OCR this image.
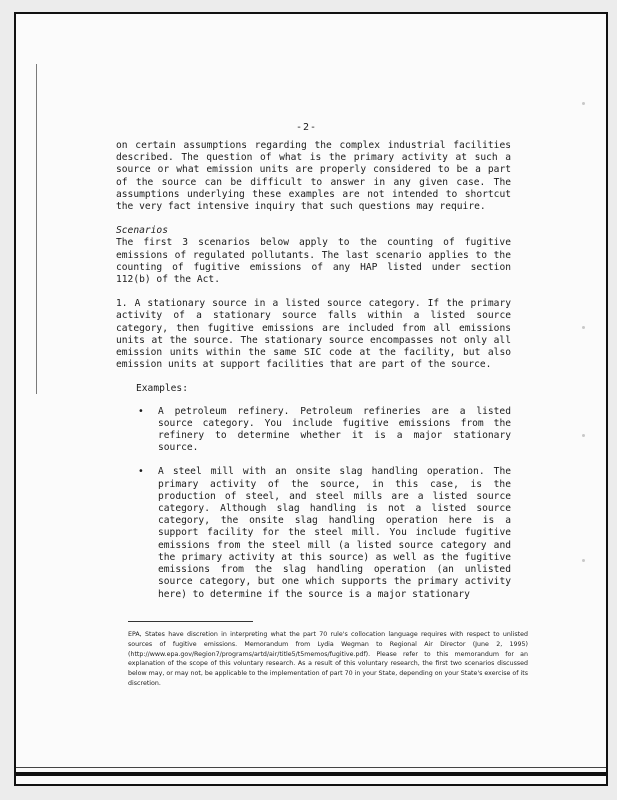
-2-

on certain assumptions regarding the complex industrial facilities described. The question of what is the primary activity at such a source or what emission units are properly considered to be a part of the source can be difficult to answer in any given case. The assumptions underlying these examples are not intended to shortcut the very fact intensive inquiry that such questions may require.

Scenarios

The first 3 scenarios below apply to the counting of fugitive emissions of regulated pollutants. The last scenario applies to the counting of fugitive emissions of any HAP listed under section 112(b) of the Act.

1. A stationary source in a listed source category. If the primary activity of a stationary source falls within a listed source category, then fugitive emissions are included from all emissions units at the source. The stationary source encompasses not only all emission units within the same SIC code at the facility, but also emission units at support facilities that are part of the source.

Examples:

• A petroleum refinery. Petroleum refineries are a listed source category. You include fugitive emissions from the refinery to determine whether it is a major stationary source.
• A steel mill with an onsite slag handling operation. The primary activity of the source, in this case, is the production of steel, and steel mills are a listed source category. Although slag handling is not a listed source category, the onsite slag handling operation here is a support facility for the steel mill. You include fugitive emissions from the steel mill (a listed source category and the primary activity at this source) as well as the fugitive emissions from the slag handling operation (an unlisted source category, but one which supports the primary activity here) to determine if the source is a major stationary
EPA, States have discretion in interpreting what the part 70 rule's collocation language requires with respect to unlisted sources of fugitive emissions. Memorandum from Lydia Wegman to Regional Air Director (June 2, 1995) (http://www.epa.gov/Region7/programs/artd/air/title5/t5memos/fugitive.pdf). Please refer to this memorandum for an explanation of the scope of this voluntary research. As a result of this voluntary research, the first two scenarios discussed below may, or may not, be applicable to the implementation of part 70 in your State, depending on your State's exercise of its discretion.
